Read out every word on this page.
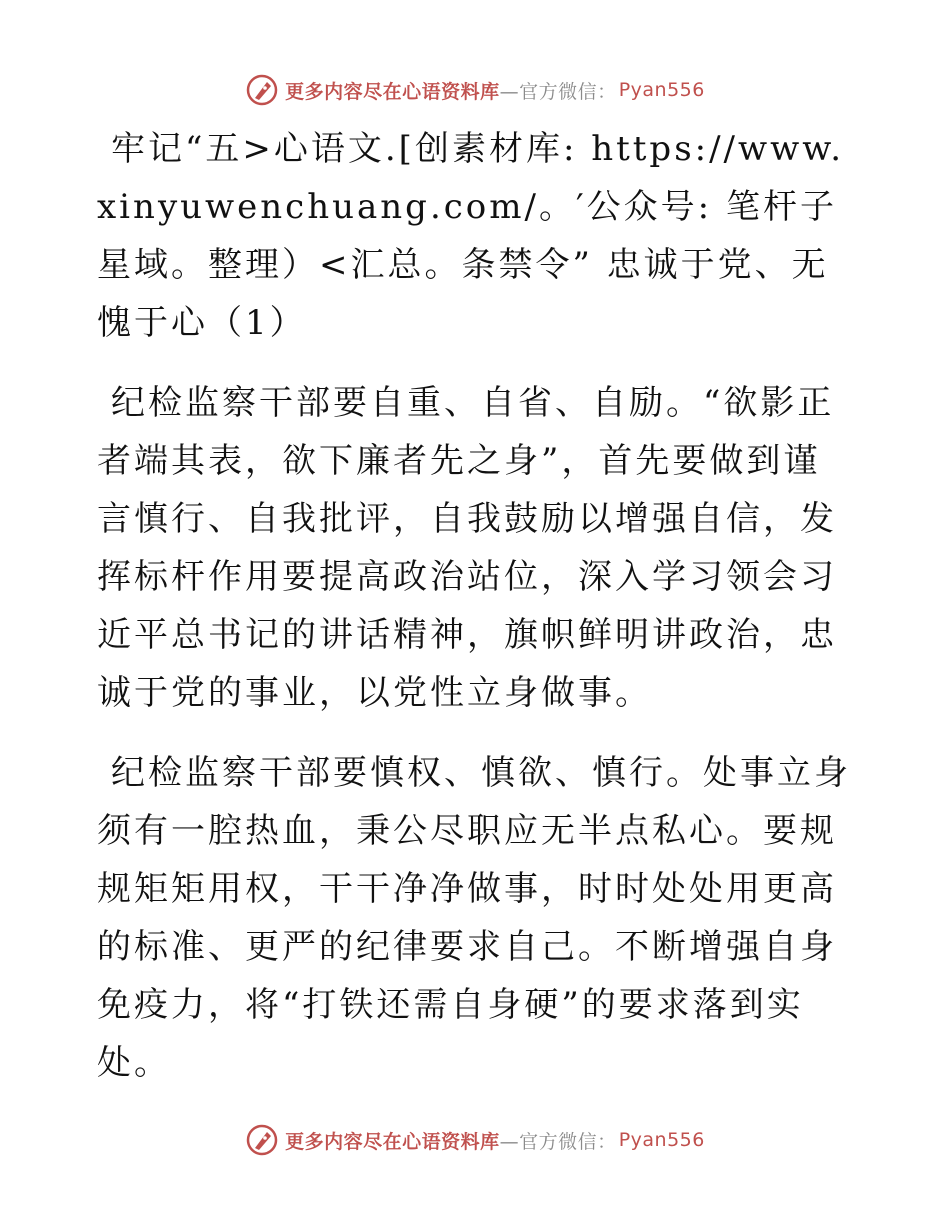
更多内容尽在心语资料库 —官方微信： Pyan556

牢记“五>心语文.[创素材库: https://www.xinyuwenchuang.com/。′公众号: 笔杆子星域。整理）<汇总。条禁令” 忠诚于党、无愧于心（1）

纪检监察干部要自重、自省、自励。“欲影正者端其表，欲下廉者先之身”，首先要做到谨言慎行、自我批评，自我鼓励以增强自信，发挥标杆作用要提高政治站位，深入学习领会习近平总书记的讲话精神，旗帜鲜明讲政治，忠诚于党的事业，以党性立身做事。

纪检监察干部要慎权、慎欲、慎行。处事立身须有一腔热血，秉公尽职应无半点私心。要规规矩矩用权，干干净净做事，时时处处用更高的标准、更严的纪律要求自己。不断增强自身免疫力，将“打铁还需自身硬”的要求落到实处。

更多内容尽在心语资料库 —官方微信： Pyan556
